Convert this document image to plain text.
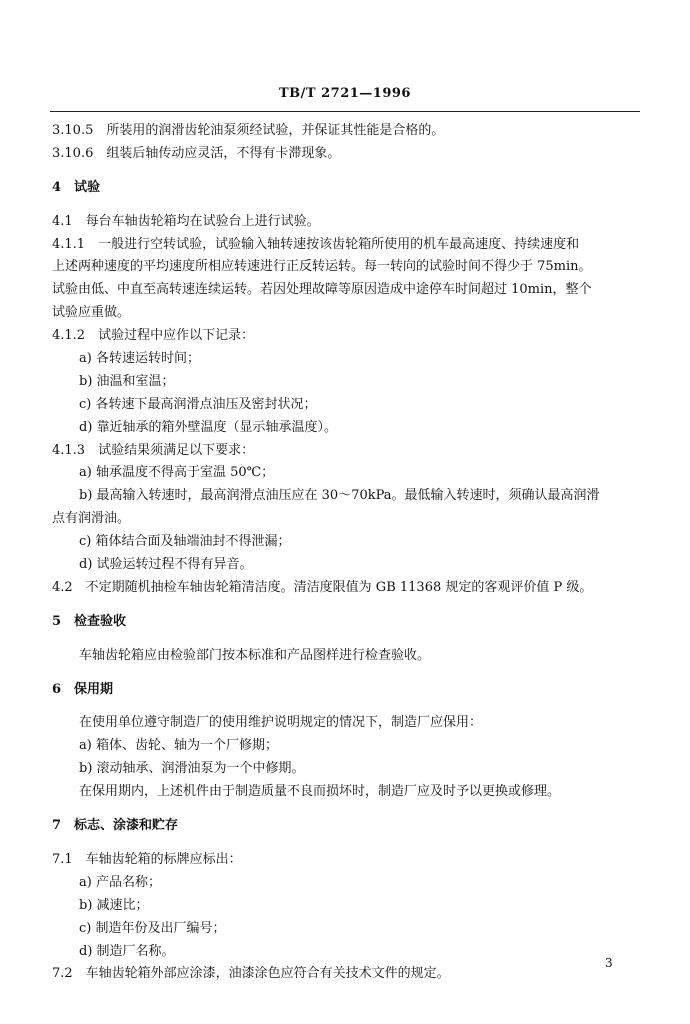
TB/T 2721—1996
3.10.5　所装用的润滑齿轮油泵须经试验，并保证其性能是合格的。
3.10.6　组装后轴传动应灵活，不得有卡滞现象。
4　试验
4.1　每台车轴齿轮箱均在试验台上进行试验。
4.1.1　一般进行空转试验，试验输入轴转速按该齿轮箱所使用的机车最高速度、持续速度和
上述两种速度的平均速度所相应转速进行正反转运转。每一转向的试验时间不得少于 75min。
试验由低、中直至高转速连续运转。若因处理故障等原因造成中途停车时间超过 10min，整个
试验应重做。
4.1.2　试验过程中应作以下记录：
a) 各转速运转时间；
b) 油温和室温；
c) 各转速下最高润滑点油压及密封状况；
d) 靠近轴承的箱外壁温度（显示轴承温度）。
4.1.3　试验结果须满足以下要求：
a) 轴承温度不得高于室温 50℃；
b) 最高输入转速时，最高润滑点油压应在 30～70kPa。最低输入转速时，须确认最高润滑
点有润滑油。
c) 箱体结合面及轴端油封不得泄漏；
d) 试验运转过程不得有异音。
4.2　不定期随机抽检车轴齿轮箱清洁度。清洁度限值为 GB 11368 规定的客观评价值 P 级。
5　检查验收
车轴齿轮箱应由检验部门按本标准和产品图样进行检查验收。
6　保用期
在使用单位遵守制造厂的使用维护说明规定的情况下，制造厂应保用：
a) 箱体、齿轮、轴为一个厂修期；
b) 滚动轴承、润滑油泵为一个中修期。
在保用期内，上述机件由于制造质量不良而损坏时，制造厂应及时予以更换或修理。
7　标志、涂漆和贮存
7.1　车轴齿轮箱的标牌应标出：
a) 产品名称；
b) 减速比；
c) 制造年份及出厂编号；
d) 制造厂名称。
7.2　车轴齿轮箱外部应涂漆，油漆涂色应符合有关技术文件的规定。
3
